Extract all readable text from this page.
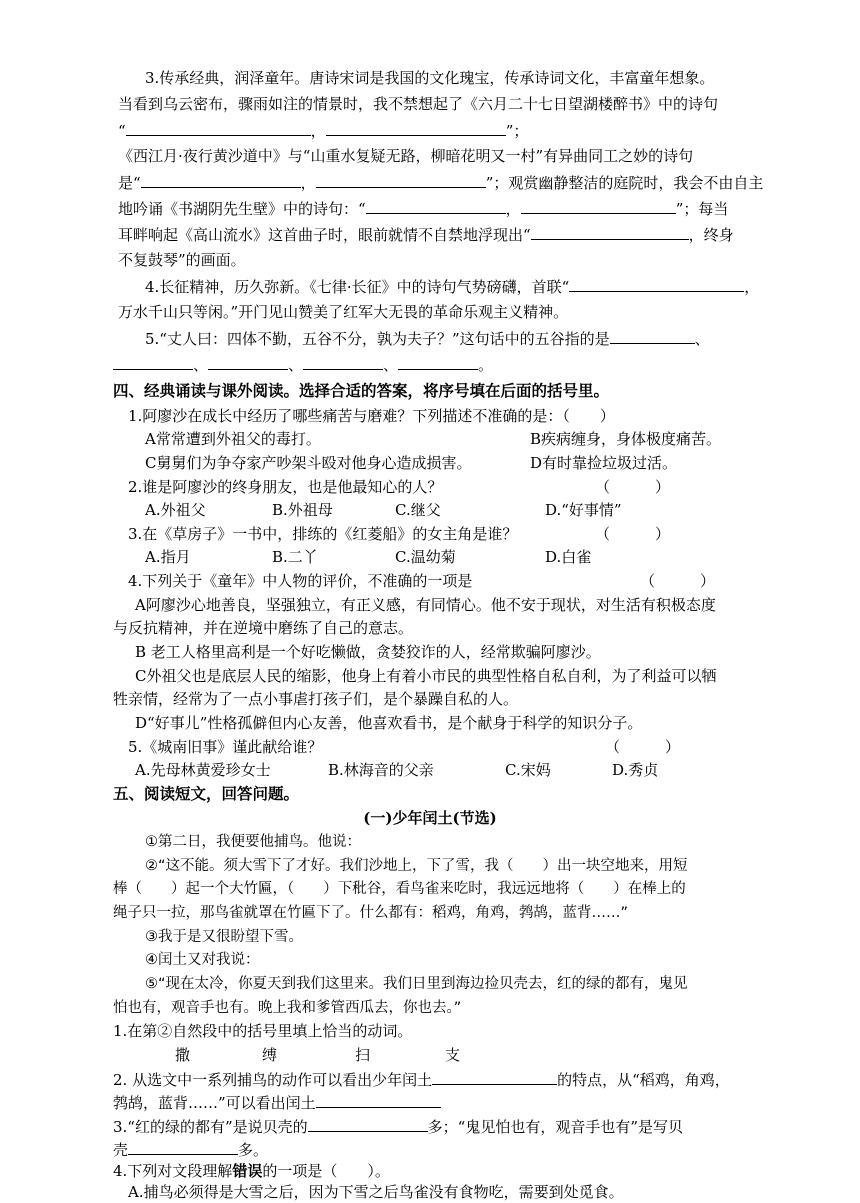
3.传承经典，润泽童年。唐诗宋词是我国的文化瑰宝，传承诗词文化，丰富童年想象。
当看到乌云密布，骤雨如注的情景时，我不禁想起了《六月二十七日望湖楼醉书》中的诗句
“	，	”；
《西江月·夜行黄沙道中》与“山重水复疑无路，柳暗花明又一村”有异曲同工之妙的诗句
是“	，	”；观赏幽静整洁的庭院时，我会不由自主
地吟诵《书湖阴先生壁》中的诗句：“	，	”；每当
耳畔响起《高山流水》这首曲子时，眼前就情不自禁地浮现出“	，终身
不复鼓琴”的画面。
4.长征精神，历久弥新。《七律·长征》中的诗句气势磅礴，首联“	，
万水千山只等闲。”开门见山赞美了红军大无畏的革命乐观主义精神。
5.“丈人曰：四体不勤，五谷不分，孰为夫子？”这句话中的五谷指的是	、
、	、	、	。
四、经典诵读与课外阅读。选择合适的答案，将序号填在后面的括号里。
1.阿廖沙在成长中经历了哪些痛苦与磨难？下列描述不准确的是：（　　）
A常常遭到外祖父的毒打。	B疾病缠身，身体极度痛苦。
C舅舅们为争夺家产吵架斗殴对他身心造成损害。	D有时靠捡垃圾过活。
2.谁是阿廖沙的终身朋友，也是他最知心的人？	（　　　）
A.外祖父	B.外祖母	C.继父	D.“好事情”
3.在《草房子》一书中，排练的《红菱船》的女主角是谁？	（　　　）
A.指月	B.二丫	C.温幼菊	D.白雀
4.下列关于《童年》中人物的评价，不准确的一项是	（　　　）
A阿廖沙心地善良，坚强独立，有正义感，有同情心。他不安于现状，对生活有积极态度
与反抗精神，并在逆境中磨练了自己的意志。
B 老工人格里高利是一个好吃懒做，贪婪狡诈的人，经常欺骗阿廖沙。
C外祖父也是底层人民的缩影，他身上有着小市民的典型性格自私自利，为了利益可以牺
牲亲情，经常为了一点小事虐打孩子们，是个暴躁自私的人。
D“好事儿”性格孤僻但内心友善，他喜欢看书，是个献身于科学的知识分子。
5.《城南旧事》谨此献给谁？	（　　　）
A.先母林黄爱珍女士	B.林海音的父亲	C.宋妈	D.秀贞
五、阅读短文，回答问题。
(一)少年闰土(节选)
①第二日，我便要他捕鸟。他说：
②“这不能。须大雪下了才好。我们沙地上，下了雪，我（　　）出一块空地来，用短
棒（　　）起一个大竹匾，（　　）下秕谷，看鸟雀来吃时，我远远地将（　　）在棒上的
绳子只一拉，那鸟雀就罩在竹匾下了。什么都有：稻鸡，角鸡，鹁鸪，蓝背……”
③我于是又很盼望下雪。
④闰土又对我说：
⑤“现在太冷，你夏天到我们这里来。我们日里到海边捡贝壳去，红的绿的都有，鬼见
怕也有，观音手也有。晚上我和爹管西瓜去，你也去。”
1.在第②自然段中的括号里填上恰当的动词。
撒	缚	扫	支
2. 从选文中一系列捕鸟的动作可以看出少年闰土	的特点，从“稻鸡，角鸡，
鹁鸪，蓝背……”可以看出闰土
3.“红的绿的都有”是说贝壳的	多；“鬼见怕也有，观音手也有”是写贝
壳	多。
4.下列对文段理解错误的一项是（　　）。
A.捕鸟必须得是大雪之后，因为下雪之后鸟雀没有食物吃，需要到处觅食。
